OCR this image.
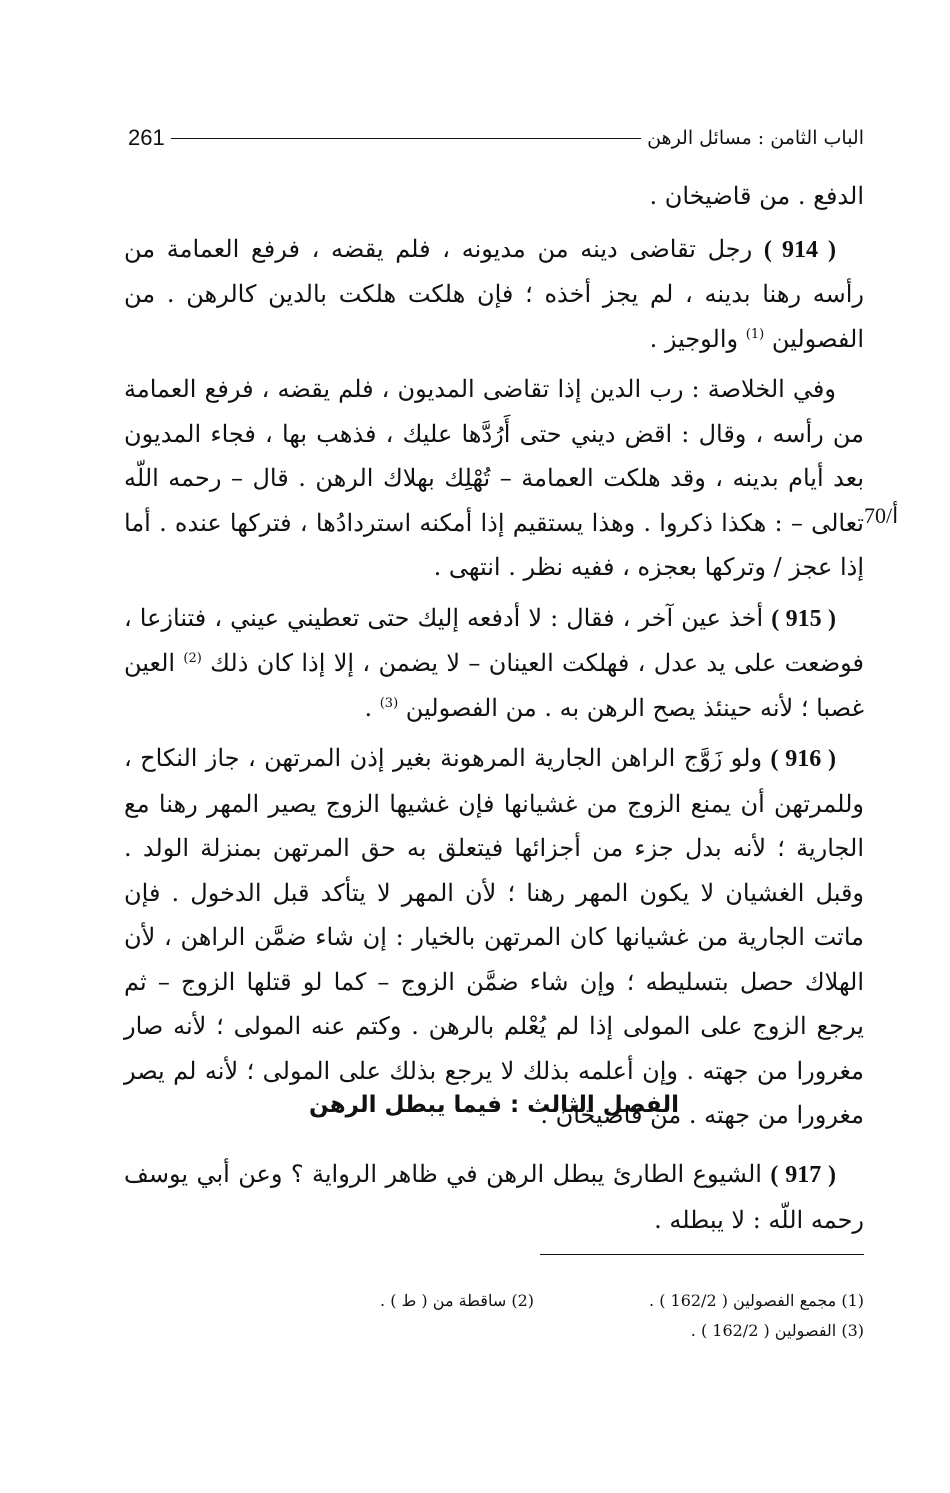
الباب الثامن : مسائل الرهن
261

الدفع . من قاضيخان .

( 914 ) رجل تقاضى دينه من مديونه ، فلم يقضه ، فرفع العمامة من رأسه رهنا بدينه ، لم يجز أخذه ؛ فإن هلكت هلكت بالدين كالرهن . من الفصولين $^{(1)}$ والوجيز .

وفي الخلاصة : رب الدين إذا تقاضى المديون ، فلم يقضه ، فرفع العمامة من رأسه ، وقال : اقض ديني حتى أَرُدَّها عليك ، فذهب بها ، فجاء المديون بعد أيام بدينه ، وقد هلكت العمامة – تُهْلِك بهلاك الرهن . قال – رحمه اللّه تعالى – : هكذا ذكروا . وهذا يستقيم إذا أمكنه استردادُها ، فتركها عنده . أما إذا عجز / وتركها بعجزه ، ففيه نظر . انتهى .

( 915 ) أخذ عين آخر ، فقال : لا أدفعه إليك حتى تعطيني عيني ، فتنازعا ، فوضعت على يد عدل ، فهلكت العينان – لا يضمن ، إلا إذا كان ذلك $^{(2)}$ العين غصبا ؛ لأنه حينئذ يصح الرهن به . من الفصولين $^{(3)}$ .

( 916 ) ولو زَوَّج الراهن الجارية المرهونة بغير إذن المرتهن ، جاز النكاح ، وللمرتهن أن يمنع الزوج من غشيانها فإن غشيها الزوج يصير المهر رهنا مع الجارية ؛ لأنه بدل جزء من أجزائها فيتعلق به حق المرتهن بمنزلة الولد . وقبل الغشيان لا يكون المهر رهنا ؛ لأن المهر لا يتأكد قبل الدخول . فإن ماتت الجارية من غشيانها كان المرتهن بالخيار : إن شاء ضمَّن الراهن ، لأن الهلاك حصل بتسليطه ؛ وإن شاء ضمَّن الزوج – كما لو قتلها الزوج – ثم يرجع الزوج على المولى إذا لم يُعْلم بالرهن . وكتم عنه المولى ؛ لأنه صار مغرورا من جهته . وإن أعلمه بذلك لا يرجع بذلك على المولى ؛ لأنه لم يصر مغرورا من جهته . من قاضيخان .

70/أ
الفصل الثالث : فيما يبطل الرهن

( 917 ) الشيوع الطارئ يبطل الرهن في ظاهر الرواية ؟ وعن أبي يوسف رحمه اللّه : لا يبطله .

(1) مجمع الفصولين ( 162/2 ) .
(2) ساقطة من ( ط ) .
(3) الفصولين ( 162/2 ) .
